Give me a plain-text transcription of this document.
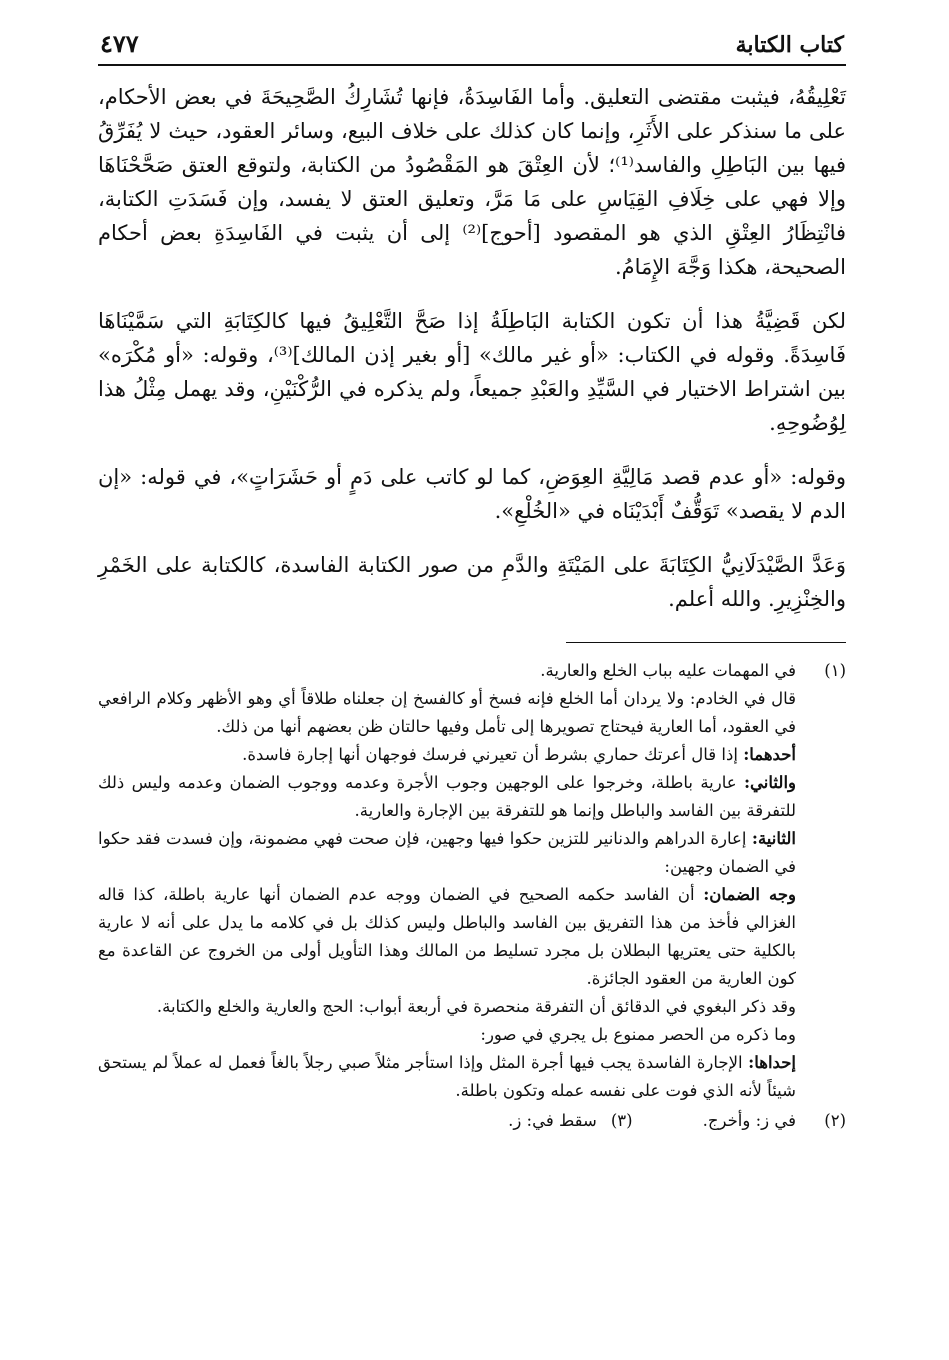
كتاب الكتابة
٤٧٧

تَعْلِيقُهُ، فيثبت مقتضى التعليق. وأما الفَاسِدَةُ، فإنها تُشَارِكُ الصَّحِيحَةَ في بعض الأحكام، على ما سنذكر على الأَثَرِ، وإنما كان كذلك على خلاف البيع، وسائر العقود، حيث لا يُفَرِّقُ فيها بين البَاطِلِ والفاسد⁽¹⁾؛ لأن العِتْقَ هو المَقْصُودُ من الكتابة، ولتوقع العتق صَحَّحْنَاهَا وإلا فهي على خِلَافِ القِيَاسِ على مَا مَرَّ، وتعليق العتق لا يفسد، وإن فَسَدَتِ الكتابة، فانْتِظَارُ العِتْقِ الذي هو المقصود [أحوج]⁽²⁾ إلى أن يثبت في الفَاسِدَةِ بعض أحكام الصحيحة، هكذا وَجَّهَ الإِمَامُ.

لكن قَضِيَّةُ هذا أن تكون الكتابة البَاطِلَةُ إذا صَحَّ التَّعْلِيقُ فيها كالكِتَابَةِ التي سَمَّيْنَاهَا فَاسِدَةً. وقوله في الكتاب: «أو غير مالك» [أو بغير إذن المالك]⁽³⁾، وقوله: «أو مُكْرَه» بين اشتراط الاختيار في السَّيِّدِ والعَبْدِ جميعاً، ولم يذكره في الرُّكْنَيْنِ، وقد يهمل مِثْلُ هذا لِوُضُوحِهِ.

وقوله: «أو عدم قصد مَالِيَّةِ العِوَضِ، كما لو كاتب على دَمٍ أو حَشَرَاتٍ»، في قوله: «إن الدم لا يقصد» تَوَقُّفٌ أَبْدَيْنَاه في «الخُلْعِ».

وَعَدَّ الصَّيْدَلَانِيُّ الكِتَابَةَ على المَيْتَةِ والدَّمِ من صور الكتابة الفاسدة، كالكتابة على الخَمْرِ والخِنْزِيرِ. والله أعلم.

(١)

في المهمات عليه بباب الخلع والعارية.

قال في الخادم: ولا يردان أما الخلع فإنه فسخ أو كالفسخ إن جعلناه طلاقاً أي وهو الأظهر وكلام الرافعي في العقود، أما العارية فيحتاج تصويرها إلى تأمل وفيها حالتان ظن بعضهم أنها من ذلك.

أحدهما: إذا قال أعرتك حماري بشرط أن تعيرني فرسك فوجهان أنها إجارة فاسدة.

والثاني: عارية باطلة، وخرجوا على الوجهين وجوب الأجرة وعدمه ووجوب الضمان وعدمه وليس ذلك للتفرقة بين الفاسد والباطل وإنما هو للتفرقة بين الإجارة والعارية.

الثانية: إعارة الدراهم والدنانير للتزين حكوا فيها وجهين، فإن صحت فهي مضمونة، وإن فسدت فقد حكوا في الضمان وجهين:

وجه الضمان: أن الفاسد حكمه الصحيح في الضمان ووجه عدم الضمان أنها عارية باطلة، كذا قاله الغزالي فأخذ من هذا التفريق بين الفاسد والباطل وليس كذلك بل في كلامه ما يدل على أنه لا عارية بالكلية حتى يعتريها البطلان بل مجرد تسليط من المالك وهذا التأويل أولى من الخروج عن القاعدة مع كون العارية من العقود الجائزة.

وقد ذكر البغوي في الدقائق أن التفرقة منحصرة في أربعة أبواب: الحج والعارية والخلع والكتابة.

وما ذكره من الحصر ممنوع بل يجري في صور:

إحداها: الإجارة الفاسدة يجب فيها أجرة المثل وإذا استأجر مثلاً صبي رجلاً بالغاً فعمل له عملاً لم يستحق شيئاً لأنه الذي فوت على نفسه عمله وتكون باطلة.

(٢)
في ز: وأخرج.
(٣)
سقط في: ز.
